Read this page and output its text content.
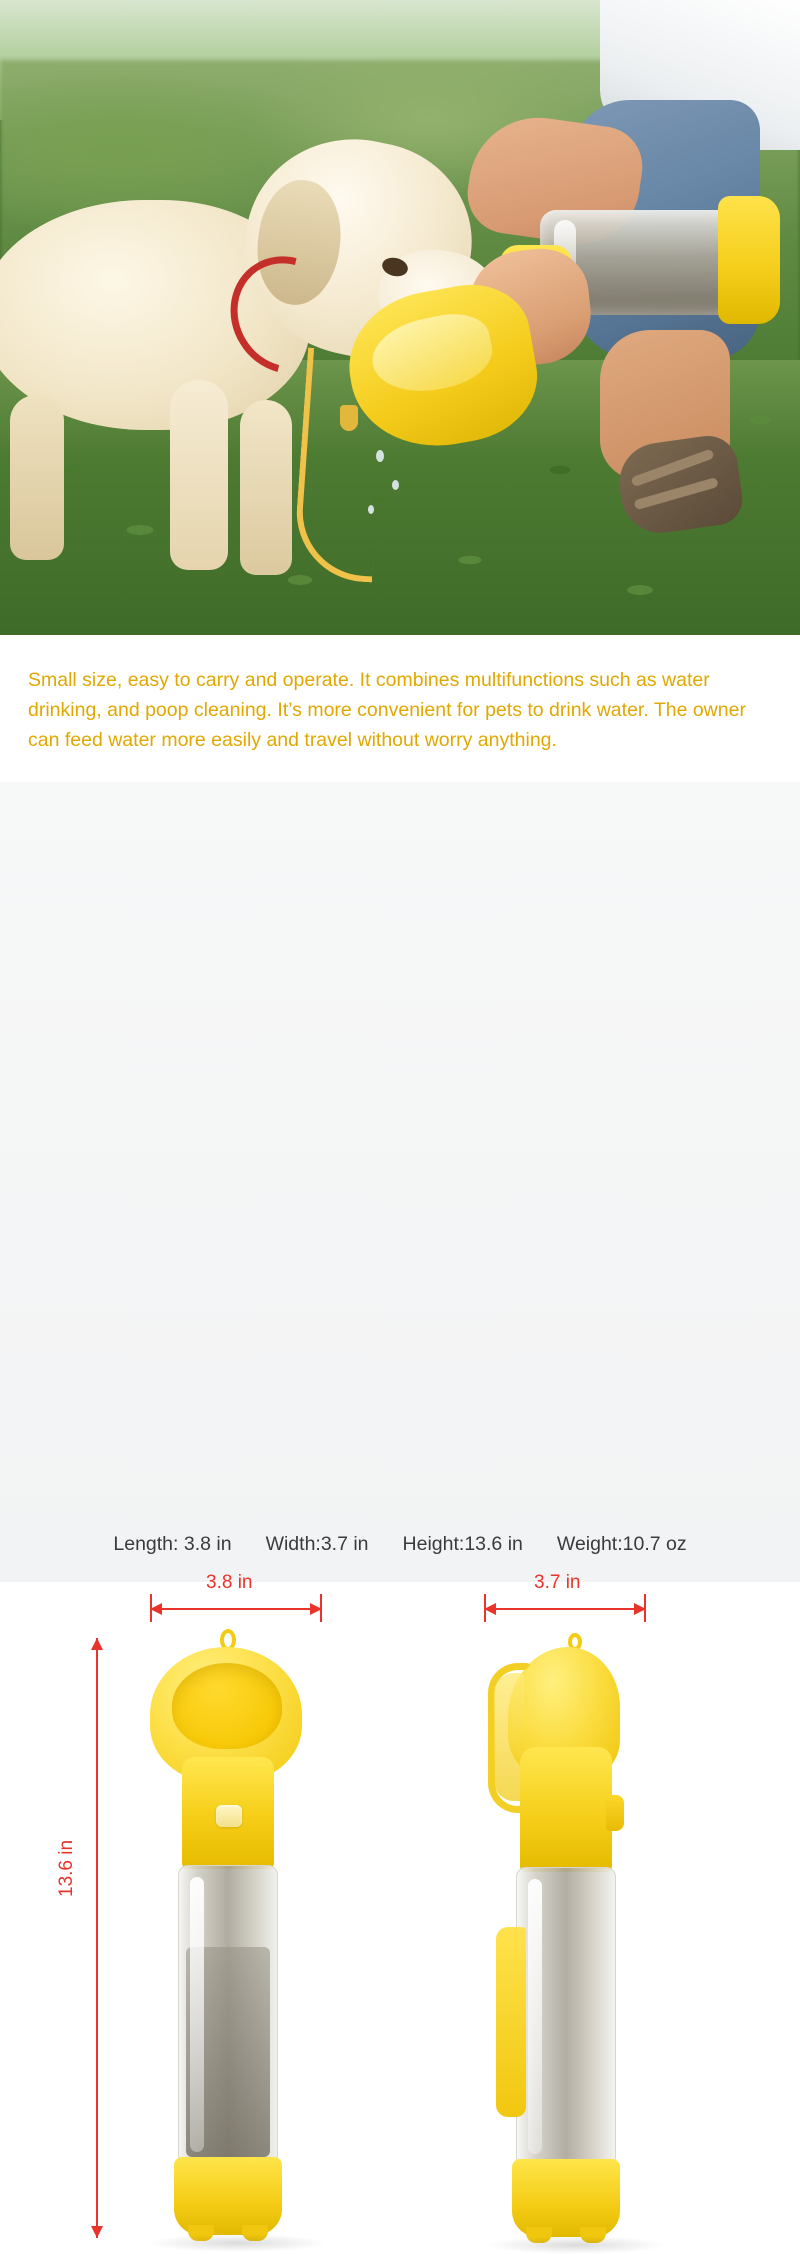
Small size, easy to carry and operate. It combines multifunctions such as water drinking, and poop cleaning. It’s more convenient for pets to drink water. The owner can feed water more easily and travel without worry anything.

3.8 in	3.7 in
13.6 in
Length: 3.8 in Width:3.7 in Height:13.6 in Weight:10.7 oz
